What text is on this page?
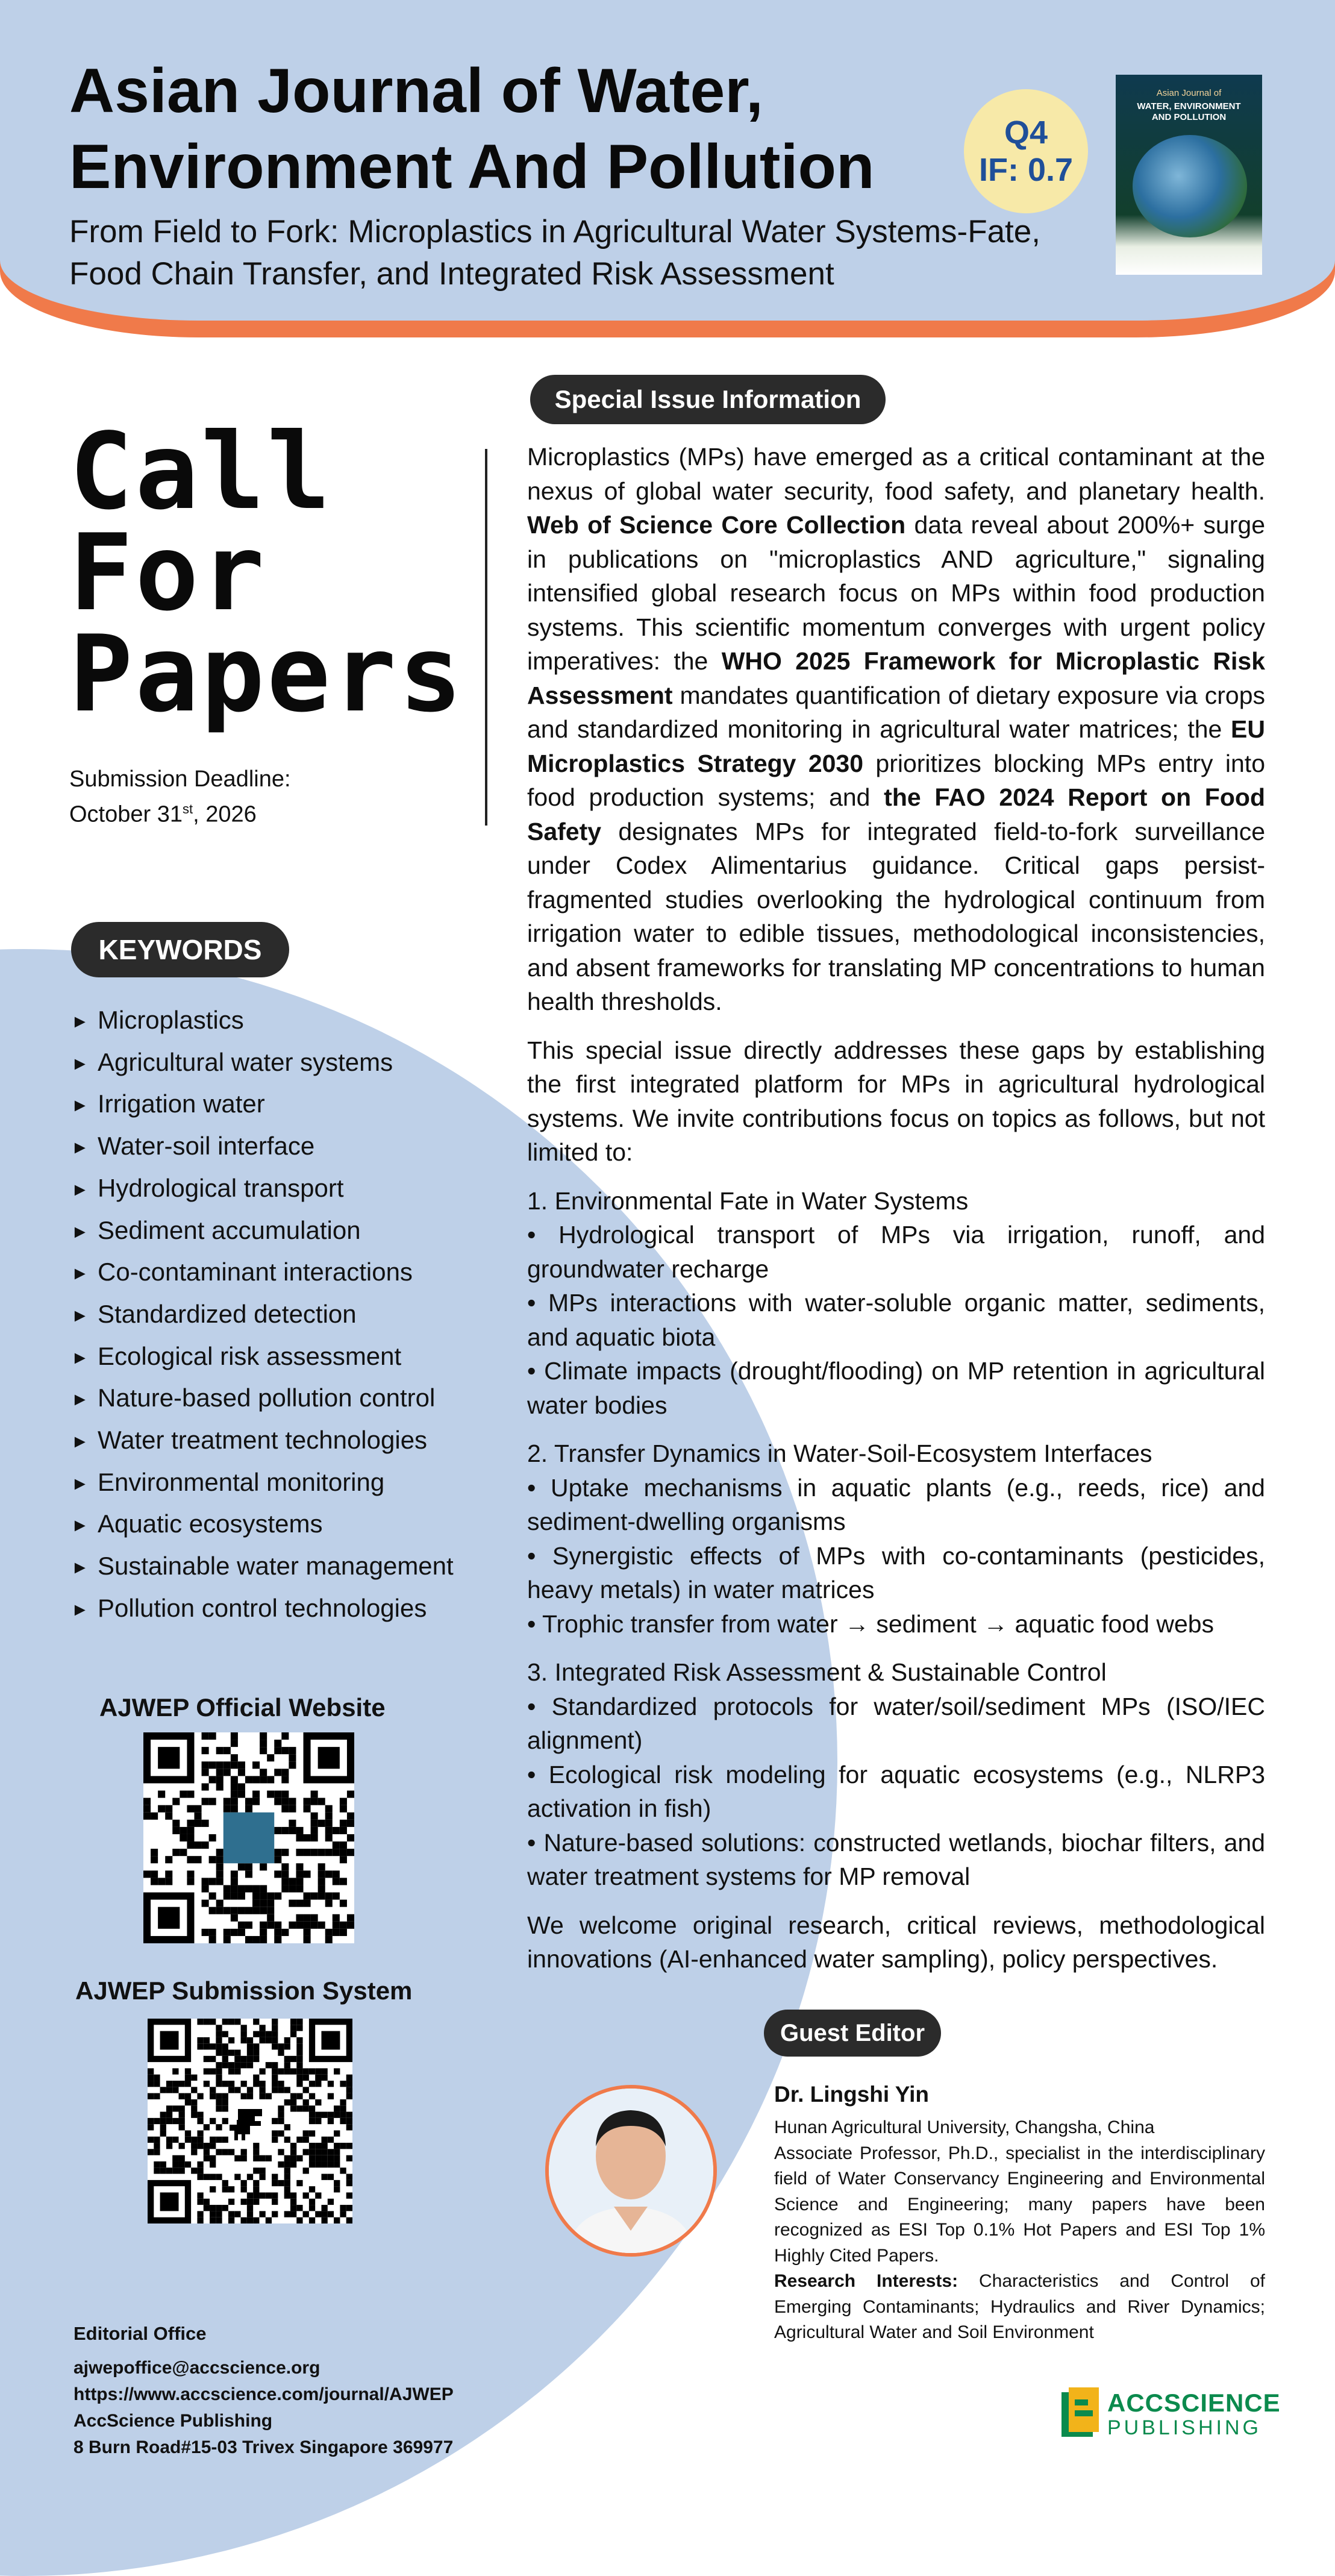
Asian Journal of Water,
Environment And Pollution
From Field to Fork: Microplastics in Agricultural Water Systems-Fate,
Food Chain Transfer, and Integrated Risk Assessment
Q4
IF: 0.7
Asian Journal of
WATER, ENVIRONMENT
AND POLLUTION
Call
For
Papers
Submission Deadline:
October 31st, 2026
KEYWORDS
► Microplastics
► Agricultural water systems
► Irrigation water
► Water-soil interface
► Hydrological transport
► Sediment accumulation
► Co-contaminant interactions
► Standardized detection
► Ecological risk assessment
► Nature-based pollution control
► Water treatment technologies
► Environmental monitoring
► Aquatic ecosystems
► Sustainable water management
► Pollution control technologies
AJWEP Official Website
AJWEP Submission System
Editorial Office
ajwepoffice@accscience.org
https://www.accscience.com/journal/AJWEP
AccScience Publishing
8 Burn Road#15-03 Trivex Singapore 369977
Special Issue Information

Microplastics (MPs) have emerged as a critical contaminant at the nexus of global water security, food safety, and planetary health. Web of Science Core Collection data reveal about 200%+ surge in publications on "microplastics AND agriculture," signaling intensified global research focus on MPs within food production systems. This scientific momentum converges with urgent policy imperatives: the WHO 2025 Framework for Microplastic Risk Assessment mandates quantification of dietary exposure via crops and standardized monitoring in agricultural water matrices; the EU Microplastics Strategy 2030 prioritizes blocking MPs entry into food production systems; and the FAO 2024 Report on Food Safety designates MPs for integrated field-to-fork surveillance under Codex Alimentarius guidance. Critical gaps persist-fragmented studies overlooking the hydrological continuum from irrigation water to edible tissues, methodological inconsistencies, and absent frameworks for translating MP concentrations to human health thresholds.

This special issue directly addresses these gaps by establishing the first integrated platform for MPs in agricultural hydrological systems. We invite contributions focus on topics as follows, but not limited to:

1. Environmental Fate in Water Systems
• Hydrological transport of MPs via irrigation, runoff, and groundwater recharge
• MPs interactions with water-soluble organic matter, sediments, and aquatic biota
• Climate impacts (drought/flooding) on MP retention in agricultural water bodies
2. Transfer Dynamics in Water-Soil-Ecosystem Interfaces
• Uptake mechanisms in aquatic plants (e.g., reeds, rice) and sediment-dwelling organisms
• Synergistic effects of MPs with co-contaminants (pesticides, heavy metals) in water matrices
• Trophic transfer from water → sediment → aquatic food webs
3. Integrated Risk Assessment & Sustainable Control
• Standardized protocols for water/soil/sediment MPs (ISO/IEC alignment)
• Ecological risk modeling for aquatic ecosystems (e.g., NLRP3 activation in fish)
• Nature-based solutions: constructed wetlands, biochar filters, and water treatment systems for MP removal

We welcome original research, critical reviews, methodological innovations (AI-enhanced water sampling), policy perspectives.

Guest Editor
Dr. Lingshi Yin

Hunan Agricultural University, Changsha, China

Associate Professor, Ph.D., specialist in the interdisciplinary field of Water Conservancy Engineering and Environmental Science and Engineering; many papers have been recognized as ESI Top 0.1% Hot Papers and ESI Top 1% Highly Cited Papers.

Research Interests: Characteristics and Control of Emerging Contaminants; Hydraulics and River Dynamics; Agricultural Water and Soil Environment

ACCSCIENCE
PUBLISHING
